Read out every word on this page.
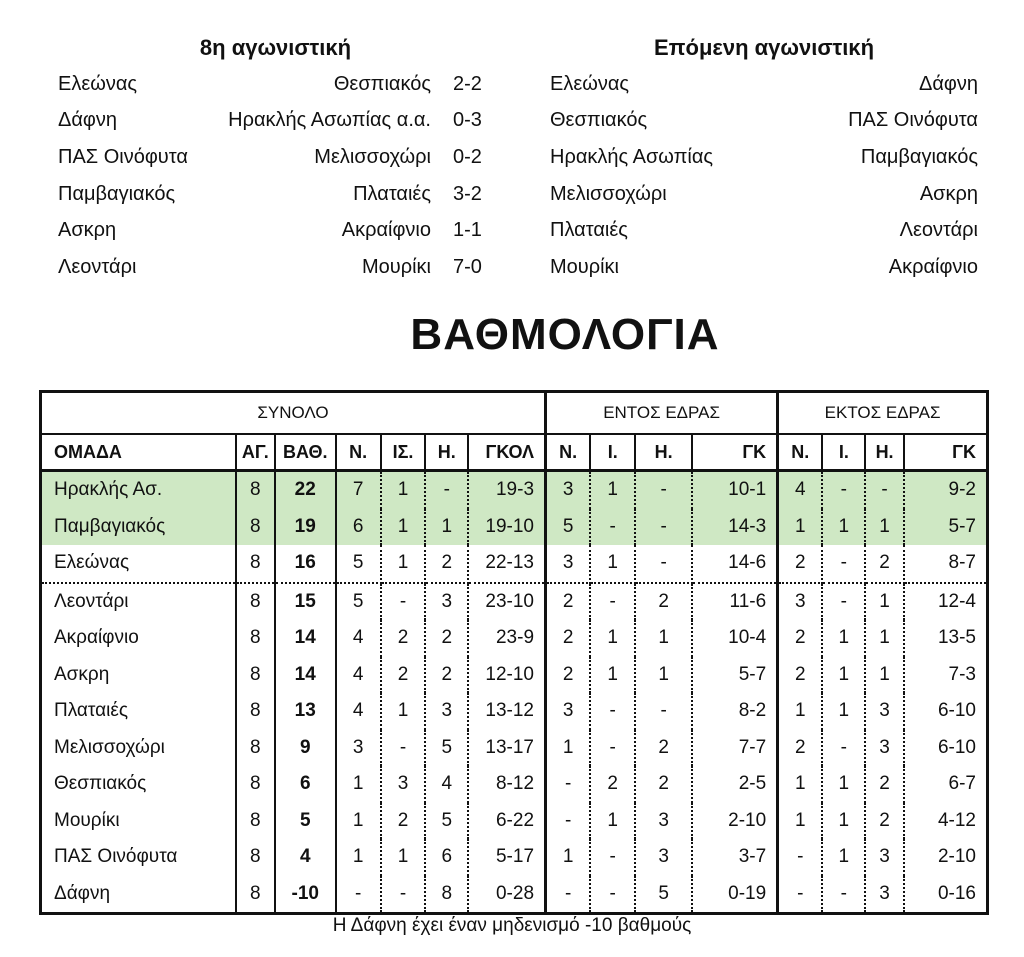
8η αγωνιστική
Ελεώνας	Θεσπιακός	2-2
Δάφνη	Ηρακλής Ασωπίας α.α.	0-3
ΠΑΣ Οινόφυτα	Μελισσοχώρι	0-2
Παμβαγιακός	Πλαταιές	3-2
Ασκρη	Ακραίφνιο	1-1
Λεοντάρι	Μουρίκι	7-0
Επόμενη αγωνιστική
Ελεώνας	Δάφνη
Θεσπιακός	ΠΑΣ Οινόφυτα
Ηρακλής Ασωπίας	Παμβαγιακός
Μελισσοχώρι	Ασκρη
Πλαταιές	Λεοντάρι
Μουρίκι	Ακραίφνιο
ΒΑΘΜΟΛΟΓΙΑ
ΣΥΝΟΛΟ							ΕΝΤΟΣ ΕΔΡΑΣ				ΕΚΤΟΣ ΕΔΡΑΣ			
ΟΜΑΔΑ	ΑΓ.	ΒΑΘ.	Ν.	ΙΣ.	Η.	ΓΚΟΛ	Ν.	Ι.	Η.	ΓΚ	Ν.	Ι.	Η.	ΓΚ
Ηρακλής Ασ.	8	22	7	1	-	19-3	3	1	-	10-1	4	-	-	9-2
Παμβαγιακός	8	19	6	1	1	19-10	5	-	-	14-3	1	1	1	5-7
Ελεώνας	8	16	5	1	2	22-13	3	1	-	14-6	2	-	2	8-7
Λεοντάρι	8	15	5	-	3	23-10	2	-	2	11-6	3	-	1	12-4
Ακραίφνιο	8	14	4	2	2	23-9	2	1	1	10-4	2	1	1	13-5
Ασκρη	8	14	4	2	2	12-10	2	1	1	5-7	2	1	1	7-3
Πλαταιές	8	13	4	1	3	13-12	3	-	-	8-2	1	1	3	6-10
Μελισσοχώρι	8	9	3	-	5	13-17	1	-	2	7-7	2	-	3	6-10
Θεσπιακός	8	6	1	3	4	8-12	-	2	2	2-5	1	1	2	6-7
Μουρίκι	8	5	1	2	5	6-22	-	1	3	2-10	1	1	2	4-12
ΠΑΣ Οινόφυτα	8	4	1	1	6	5-17	1	-	3	3-7	-	1	3	2-10
Δάφνη	8	-10	-	-	8	0-28	-	-	5	0-19	-	-	3	0-16
Η Δάφνη έχει έναν μηδενισμό -10 βαθμούς
